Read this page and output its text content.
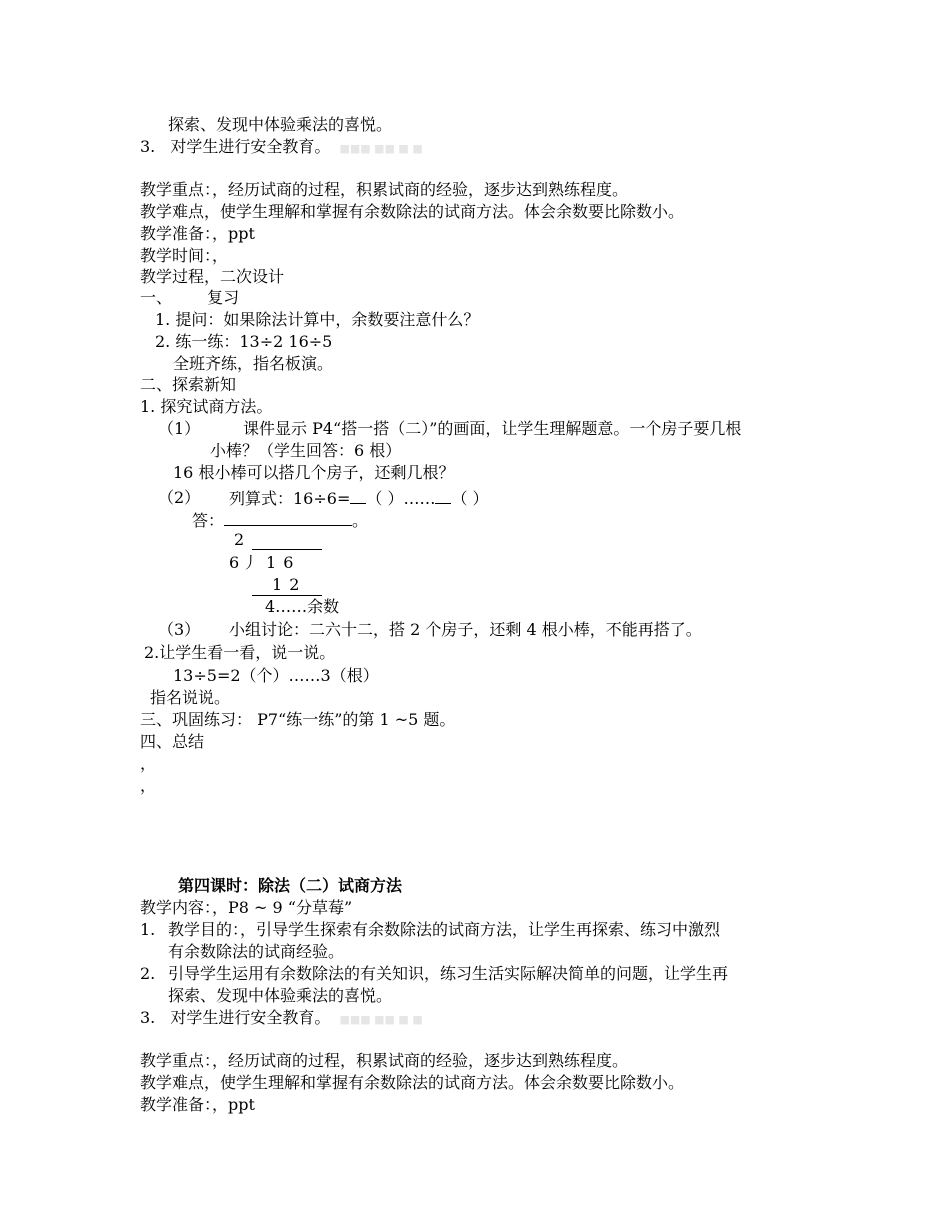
探索、发现中体验乘法的喜悦。
3. 对学生进行安全教育。 ■■■ ■■ ■ ■
教学重点：，经历试商的过程，积累试商的经验，逐步达到熟练程度。
教学难点，使学生理解和掌握有余数除法的试商方法。体会余数要比除数小。
教学准备：，ppt
教学时间：，
教学过程，二次设计
一、 复习
1. 提问：如果除法计算中，余数要注意什么？
2. 练一练：13÷2 16÷5
全班齐练，指名板演。
二、探索新知
1. 探究试商方法。
（1）	课件显示 P4“搭一搭（二）”的画面，让学生理解题意。一个房子要几根
小棒？（学生回答：6 根）
16 根小棒可以搭几个房子，还剩几根？
（2） 列算式：16÷6= （ ）…… （ ）
答：	。
2
6 丿 1 6
1 2
4……余数
（3） 小组讨论：二六十二，搭 2 个房子，还剩 4 根小棒，不能再搭了。
2.让学生看一看，说一说。
13÷5=2（个）……3（根）
指名说说。
三、巩固练习： P7“练一练”的第 1 ~5 题。
四、总结
，
，
第四课时：除法（二）试商方法
教学内容：，P8 ~ 9 “分草莓”
1. 教学目的：，引导学生探索有余数除法的试商方法，让学生再探索、练习中激烈
有余数除法的试商经验。
2. 引导学生运用有余数除法的有关知识，练习生活实际解决简单的问题，让学生再
探索、发现中体验乘法的喜悦。
3. 对学生进行安全教育。 ■■■ ■■ ■ ■
教学重点：，经历试商的过程，积累试商的经验，逐步达到熟练程度。
教学难点，使学生理解和掌握有余数除法的试商方法。体会余数要比除数小。
教学准备：，ppt
